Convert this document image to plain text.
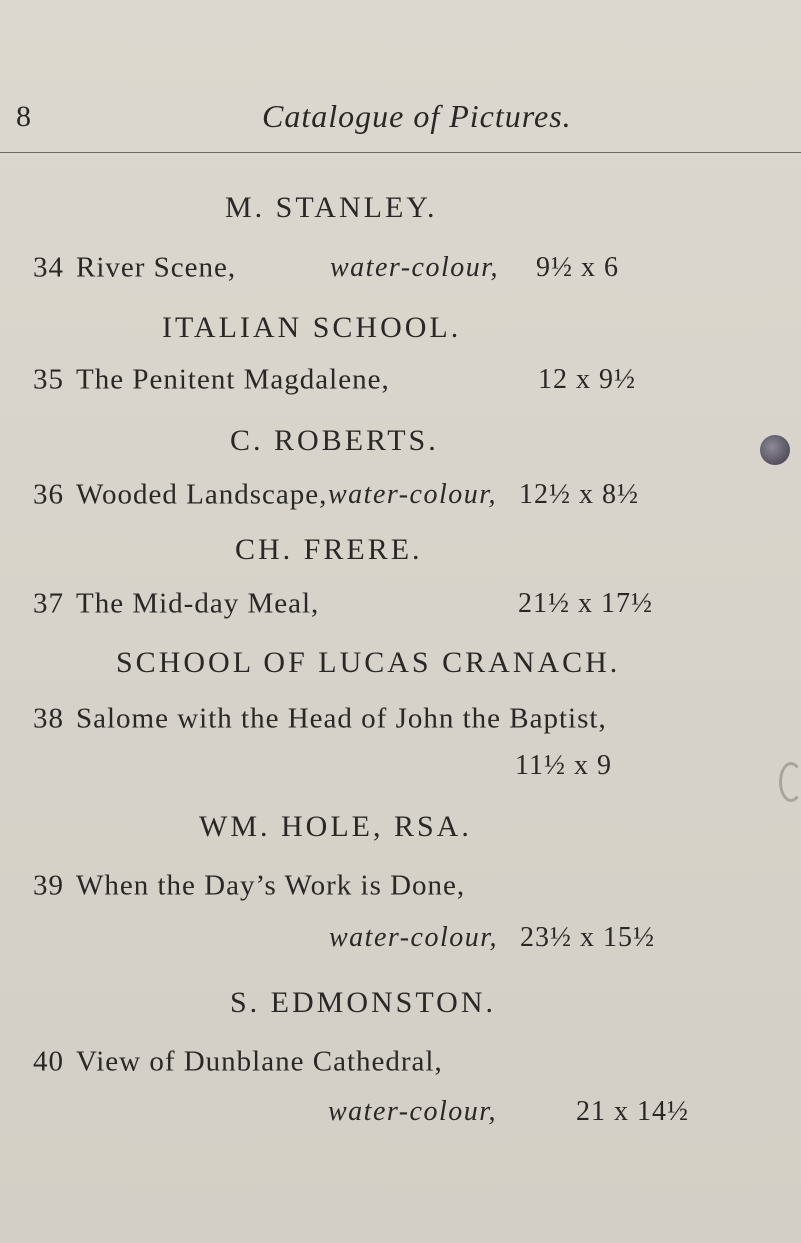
8	Catalogue of Pictures.
M. STANLEY.
34 River Scene,	water-colour, 9½ x 6
ITALIAN SCHOOL.
35 The Penitent Magdalene,	12 x 9½
C. ROBERTS.
36 Wooded Landscape, water-colour, 12½ x 8½
CH. FRERE.
37 The Mid-day Meal,	21½ x 17½
SCHOOL OF LUCAS CRANACH.
38 Salome with the Head of John the Baptist,
11½ x 9
WM. HOLE, RSA.
39 When the Day’s Work is Done,
water-colour, 23½ x 15½
S. EDMONSTON.
40 View of Dunblane Cathedral,
water-colour,	21 x 14½
